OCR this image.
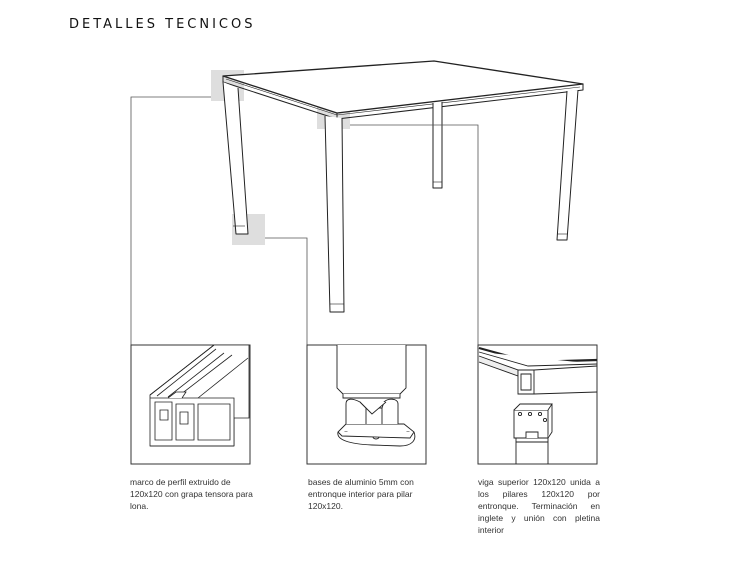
DETALLES TECNICOS

marco de perfil extruido de 120x120 con grapa tensora para lona.

bases de aluminio 5mm con entronque interior para pilar 120x120.

viga superior 120x120 unida a los pilares 120x120 por entronque. Terminación en inglete y unión con pletina interior
